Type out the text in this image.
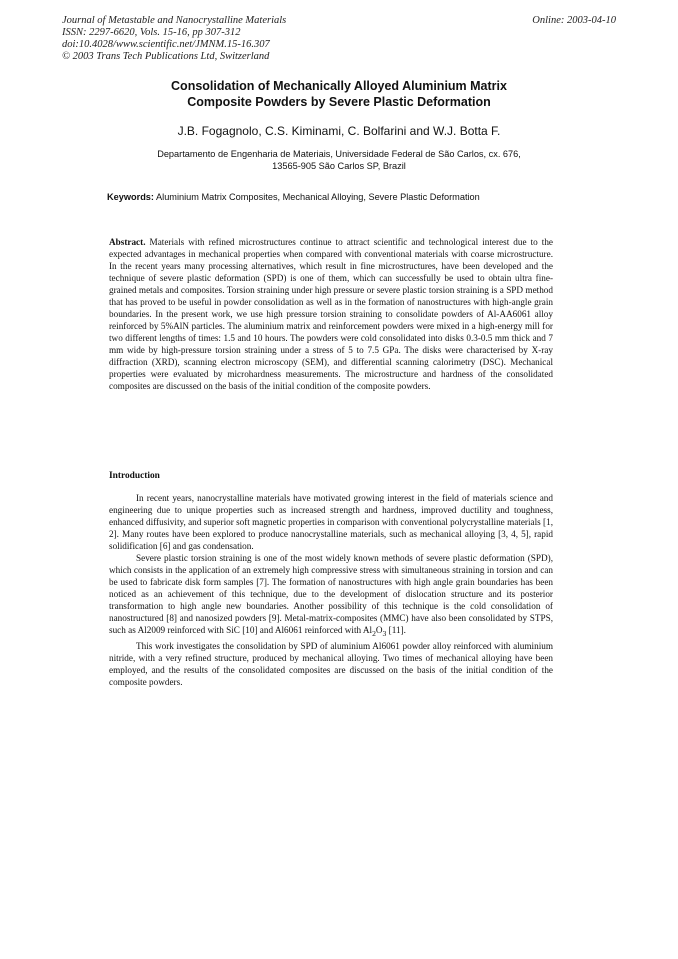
Journal of Metastable and Nanocrystalline Materials
ISSN: 2297-6620, Vols. 15-16, pp 307-312
doi:10.4028/www.scientific.net/JMNM.15-16.307
© 2003 Trans Tech Publications Ltd, Switzerland
Online: 2003-04-10
Consolidation of Mechanically Alloyed Aluminium Matrix
Composite Powders by Severe Plastic Deformation
J.B. Fogagnolo, C.S. Kiminami, C. Bolfarini and W.J. Botta F.
Departamento de Engenharia de Materiais, Universidade Federal de São Carlos, cx. 676,
13565-905 São Carlos SP, Brazil
Keywords: Aluminium Matrix Composites, Mechanical Alloying, Severe Plastic Deformation
Abstract. Materials with refined microstructures continue to attract scientific and technological interest due to the expected advantages in mechanical properties when compared with conventional materials with coarse microstructure. In the recent years many processing alternatives, which result in fine microstructures, have been developed and the technique of severe plastic deformation (SPD) is one of them, which can successfully be used to obtain ultra fine-grained metals and composites. Torsion straining under high pressure or severe plastic torsion straining is a SPD method that has proved to be useful in powder consolidation as well as in the formation of nanostructures with high-angle grain boundaries. In the present work, we use high pressure torsion straining to consolidate powders of Al-AA6061 alloy reinforced by 5%AlN particles. The aluminium matrix and reinforcement powders were mixed in a high-energy mill for two different lengths of times: 1.5 and 10 hours. The powders were cold consolidated into disks 0.3-0.5 mm thick and 7 mm wide by high-pressure torsion straining under a stress of 5 to 7.5 GPa. The disks were characterised by X-ray diffraction (XRD), scanning electron microscopy (SEM), and differential scanning calorimetry (DSC). Mechanical properties were evaluated by microhardness measurements. The microstructure and hardness of the consolidated composites are discussed on the basis of the initial condition of the composite powders.
Introduction

In recent years, nanocrystalline materials have motivated growing interest in the field of materials science and engineering due to unique properties such as increased strength and hardness, improved ductility and toughness, enhanced diffusivity, and superior soft magnetic properties in comparison with conventional polycrystalline materials [1, 2]. Many routes have been explored to produce nanocrystalline materials, such as mechanical alloying [3, 4, 5], rapid solidification [6] and gas condensation.

Severe plastic torsion straining is one of the most widely known methods of severe plastic deformation (SPD), which consists in the application of an extremely high compressive stress with simultaneous straining in torsion and can be used to fabricate disk form samples [7]. The formation of nanostructures with high angle grain boundaries has been noticed as an achievement of this technique, due to the development of dislocation structure and its posterior transformation to high angle new boundaries. Another possibility of this technique is the cold consolidation of nanostructured [8] and nanosized powders [9]. Metal-matrix-composites (MMC) have also been consolidated by STPS, such as Al2009 reinforced with SiC [10] and Al6061 reinforced with $Al_2O_3$ [11].

This work investigates the consolidation by SPD of aluminium Al6061 powder alloy reinforced with aluminium nitride, with a very refined structure, produced by mechanical alloying. Two times of mechanical alloying have been employed, and the results of the consolidated composites are discussed on the basis of the initial condition of the composite powders.
